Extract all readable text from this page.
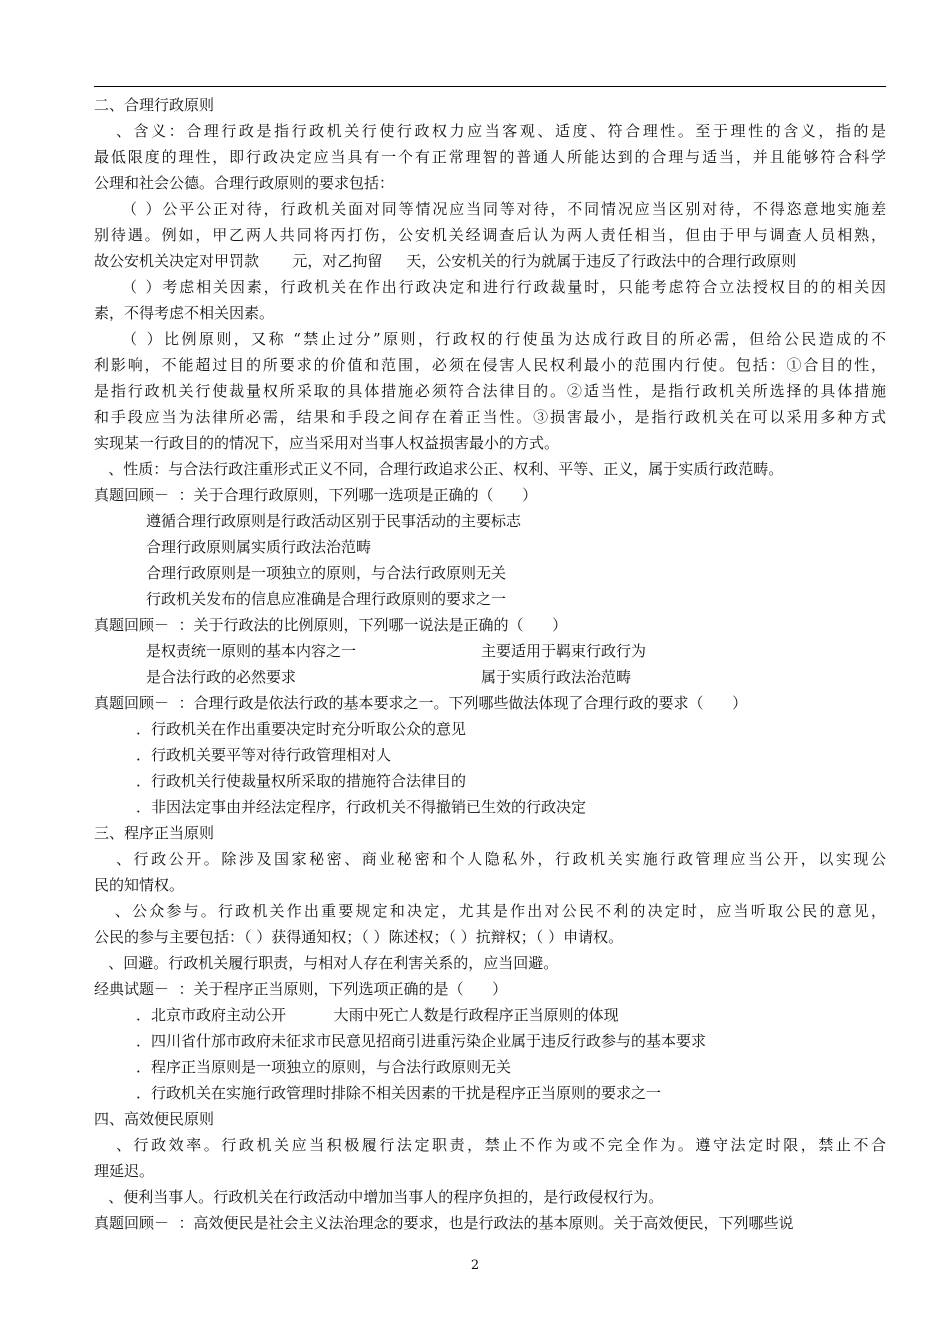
二、合理行政原则
、含义：合理行政是指行政机关行使行政权力应当客观、适度、符合理性。至于理性的含义，指的是
最低限度的理性，即行政决定应当具有一个有正常理智的普通人所能达到的合理与适当，并且能够符合科学
公理和社会公德。合理行政原则的要求包括：
（ ）公平公正对待，行政机关面对同等情况应当同等对待，不同情况应当区别对待，不得恣意地实施差
别待遇。例如，甲乙两人共同将丙打伤，公安机关经调查后认为两人责任相当，但由于甲与调查人员相熟，
故公安机关决定对甲罚款       元，对乙拘留     天，公安机关的行为就属于违反了行政法中的合理行政原则
（ ）考虑相关因素，行政机关在作出行政决定和进行行政裁量时，只能考虑符合立法授权目的的相关因
素，不得考虑不相关因素。
（ ）比例原则，又称 “禁止过分”原则，行政权的行使虽为达成行政目的所必需，但给公民造成的不
利影响，不能超过目的所要求的价值和范围，必须在侵害人民权利最小的范围内行使。包括：①合目的性，
是指行政机关行使裁量权所采取的具体措施必须符合法律目的。②适当性，是指行政机关所选择的具体措施
和手段应当为法律所必需，结果和手段之间存在着正当性。③损害最小，是指行政机关在可以采用多种方式
实现某一行政目的的情况下，应当采用对当事人权益损害最小的方式。
、性质：与合法行政注重形式正义不同，合理行政追求公正、权利、平等、正义，属于实质行政范畴。
真题回顾－  ：关于合理行政原则，下列哪一选项是正确的（      ）
遵循合理行政原则是行政活动区别于民事活动的主要标志
合理行政原则属实质行政法治范畴
合理行政原则是一项独立的原则，与合法行政原则无关
行政机关发布的信息应准确是合理行政原则的要求之一
真题回顾－  ：关于行政法的比例原则，下列哪一说法是正确的（      ）
是权责统一原则的基本内容之一	主要适用于羁束行政行为
是合法行政的必然要求	属于实质行政法治范畴
真题回顾－  ：合理行政是依法行政的基本要求之一。下列哪些做法体现了合理行政的要求（      ）
．行政机关在作出重要决定时充分听取公众的意见
．行政机关要平等对待行政管理相对人
．行政机关行使裁量权所采取的措施符合法律目的
．非因法定事由并经法定程序，行政机关不得撤销已生效的行政决定
三、程序正当原则
、行政公开。除涉及国家秘密、商业秘密和个人隐私外，行政机关实施行政管理应当公开，以实现公
民的知情权。
、公众参与。行政机关作出重要规定和决定，尤其是作出对公民不利的决定时，应当听取公民的意见，
公民的参与主要包括：（ ）获得通知权；（ ）陈述权；（ ）抗辩权；（ ）申请权。
、回避。行政机关履行职责，与相对人存在利害关系的，应当回避。
经典试题－  ：关于程序正当原则，下列选项正确的是（      ）
．北京市政府主动公开          大雨中死亡人数是行政程序正当原则的体现
．四川省什邡市政府未征求市民意见招商引进重污染企业属于违反行政参与的基本要求
．程序正当原则是一项独立的原则，与合法行政原则无关
．行政机关在实施行政管理时排除不相关因素的干扰是程序正当原则的要求之一
四、高效便民原则
、行政效率。行政机关应当积极履行法定职责，禁止不作为或不完全作为。遵守法定时限，禁止不合
理延迟。
、便利当事人。行政机关在行政活动中增加当事人的程序负担的，是行政侵权行为。
真题回顾－  ：高效便民是社会主义法治理念的要求，也是行政法的基本原则。关于高效便民，下列哪些说
2
